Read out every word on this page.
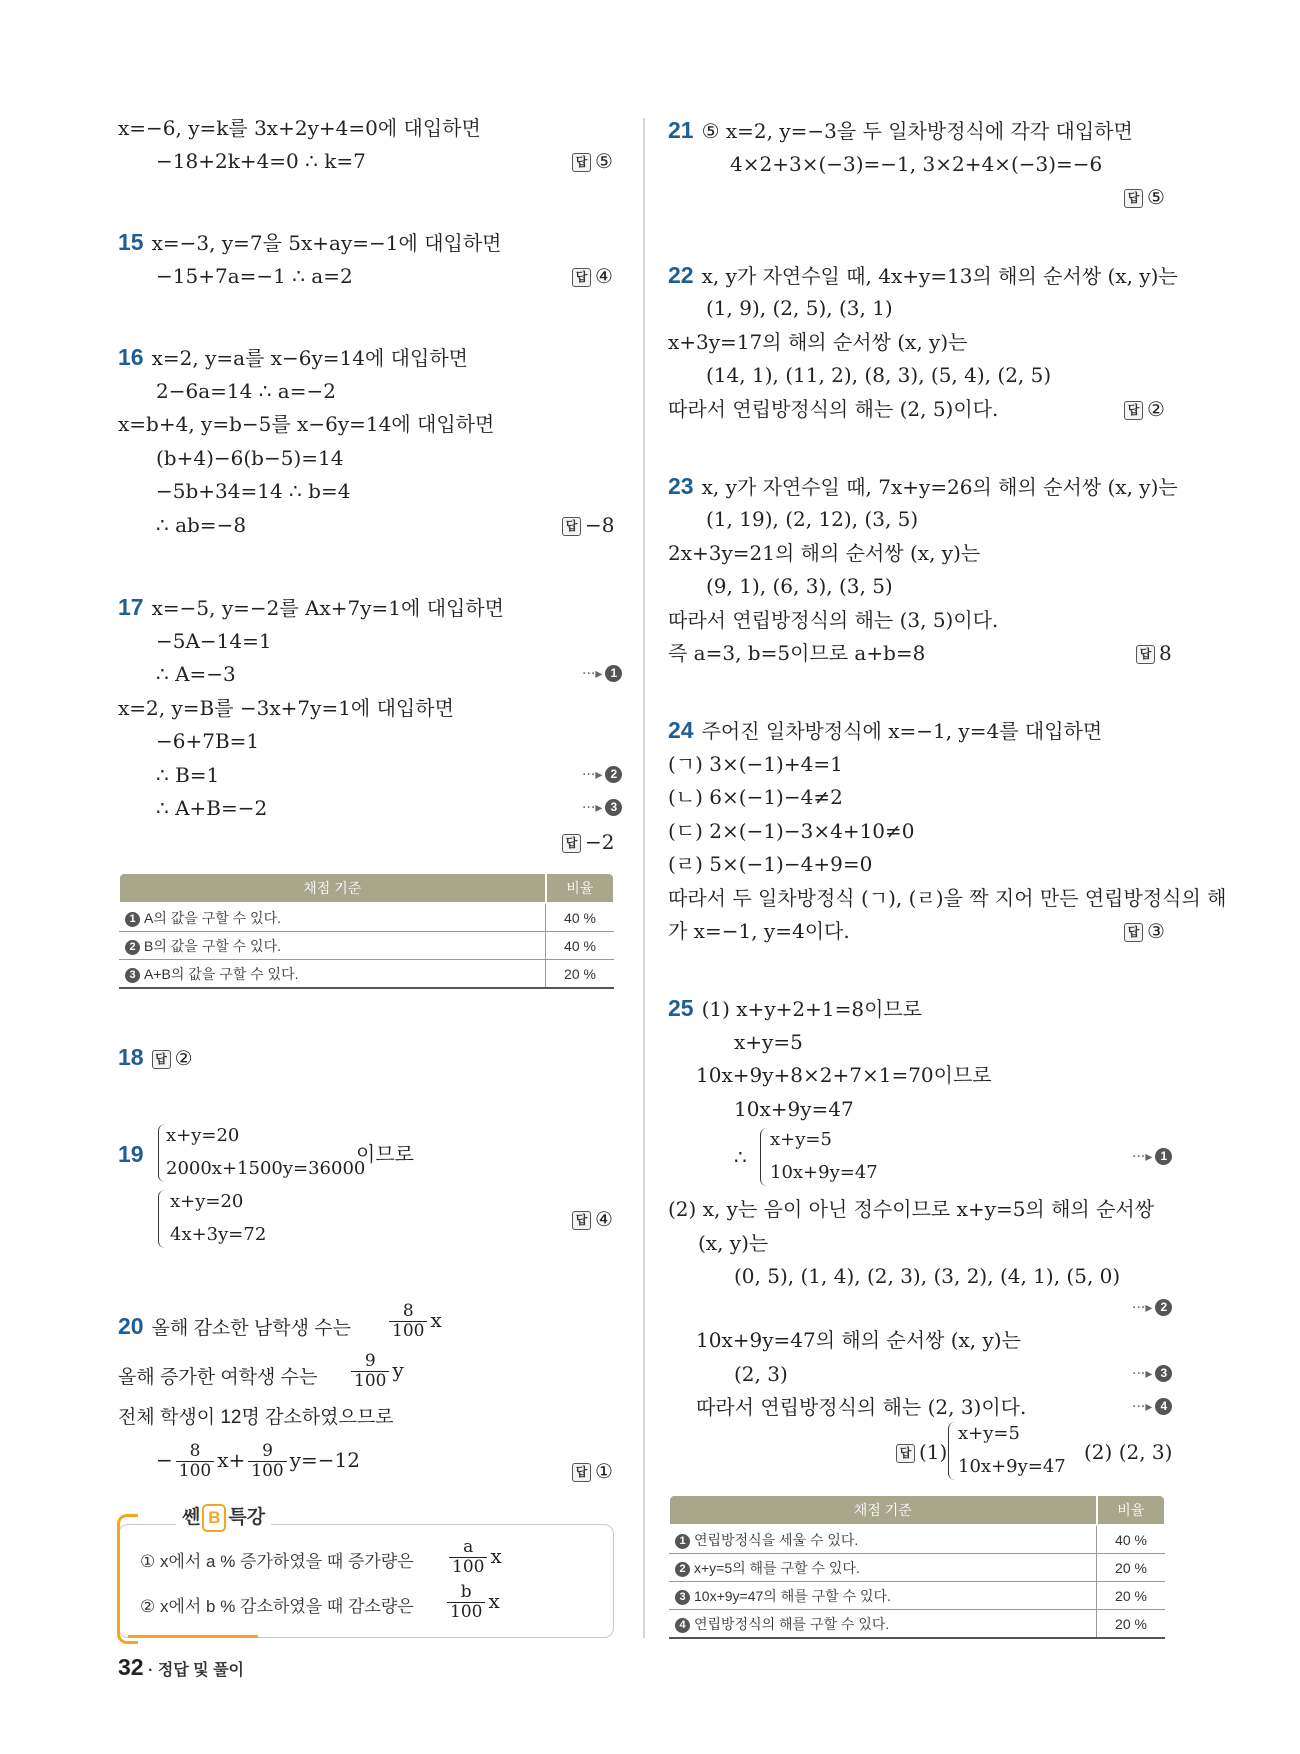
x=−6, y=k를 3x+2y+4=0에 대입하면
−18+2k+4=0 ∴ k=7	답 ⑤
15 x=−3, y=7을 5x+ay=−1에 대입하면
−15+7a=−1 ∴ a=2	답 ④
16 x=2, y=a를 x−6y=14에 대입하면
2−6a=14 ∴ a=−2
x=b+4, y=b−5를 x−6y=14에 대입하면
(b+4)−6(b−5)=14
−5b+34=14 ∴ b=4
∴ ab=−8	답 −8
17 x=−5, y=−2를 Ax+7y=1에 대입하면
−5A−14=1
∴ A=−3	···▸ 1
x=2, y=B를 −3x+7y=1에 대입하면
−6+7B=1
∴ B=1	···▸ 2
∴ A+B=−2	···▸ 3
답 −2
채점 기준	비율
1 A의 값을 구할 수 있다.	40 %
2 B의 값을 구할 수 있다.	40 %
3 A+B의 값을 구할 수 있다.	20 %
18 답 ②
19
x+y=20
2000x+1500y=36000
이므로
x+y=20
4x+3y=72
답 ④
20 올해 감소한 남학생 수는 $\frac{8}{100}$ x
올해 증가한 여학생 수는 $\frac{9}{100}$ y
전체 학생이 12명 감소하였으므로
− $\frac{8}{100} x+ \frac{9}{100} y=-12$	답 ①
쎈 B 특강
① x에서 a % 증가하였을 때 증가량은 $\frac{a}{100}$ x
② x에서 b % 감소하였을 때 감소량은 $\frac{b}{100}$ x
21 ⑤ x=2, y=−3을 두 일차방정식에 각각 대입하면
4×2+3×(−3)=−1, 3×2+4×(−3)=−6
답 ⑤
22 x, y가 자연수일 때, 4x+y=13의 해의 순서쌍 (x, y)는
(1, 9), (2, 5), (3, 1)
x+3y=17의 해의 순서쌍 (x, y)는
(14, 1), (11, 2), (8, 3), (5, 4), (2, 5)
따라서 연립방정식의 해는 (2, 5)이다.	답 ②
23 x, y가 자연수일 때, 7x+y=26의 해의 순서쌍 (x, y)는
(1, 19), (2, 12), (3, 5)
2x+3y=21의 해의 순서쌍 (x, y)는
(9, 1), (6, 3), (3, 5)
따라서 연립방정식의 해는 (3, 5)이다.
즉 a=3, b=5이므로 a+b=8	답 8
24 주어진 일차방정식에 x=−1, y=4를 대입하면
(ㄱ) 3×(−1)+4=1
(ㄴ) 6×(−1)−4≠2
(ㄷ) 2×(−1)−3×4+10≠0
(ㄹ) 5×(−1)−4+9=0
따라서 두 일차방정식 (ㄱ), (ㄹ)을 짝 지어 만든 연립방정식의 해
가 x=−1, y=4이다.	답 ③
25 (1) x+y+2+1=8이므로
x+y=5
10x+9y+8×2+7×1=70이므로
10x+9y=47
∴
x+y=5
10x+9y=47
···▸ 1
(2) x, y는 음이 아닌 정수이므로 x+y=5의 해의 순서쌍
(x, y)는
(0, 5), (1, 4), (2, 3), (3, 2), (4, 1), (5, 0)
···▸ 2
10x+9y=47의 해의 순서쌍 (x, y)는
(2, 3)	···▸ 3
따라서 연립방정식의 해는 (2, 3)이다.	···▸ 4
답 (1)
x+y=5
10x+9y=47
(2) (2, 3)
채점 기준	비율
1 연립방정식을 세울 수 있다.	40 %
2 x+y=5의 해를 구할 수 있다.	20 %
3 10x+9y=47의 해를 구할 수 있다.	20 %
4 연립방정식의 해를 구할 수 있다.	20 %
32 · 정답 및 풀이
